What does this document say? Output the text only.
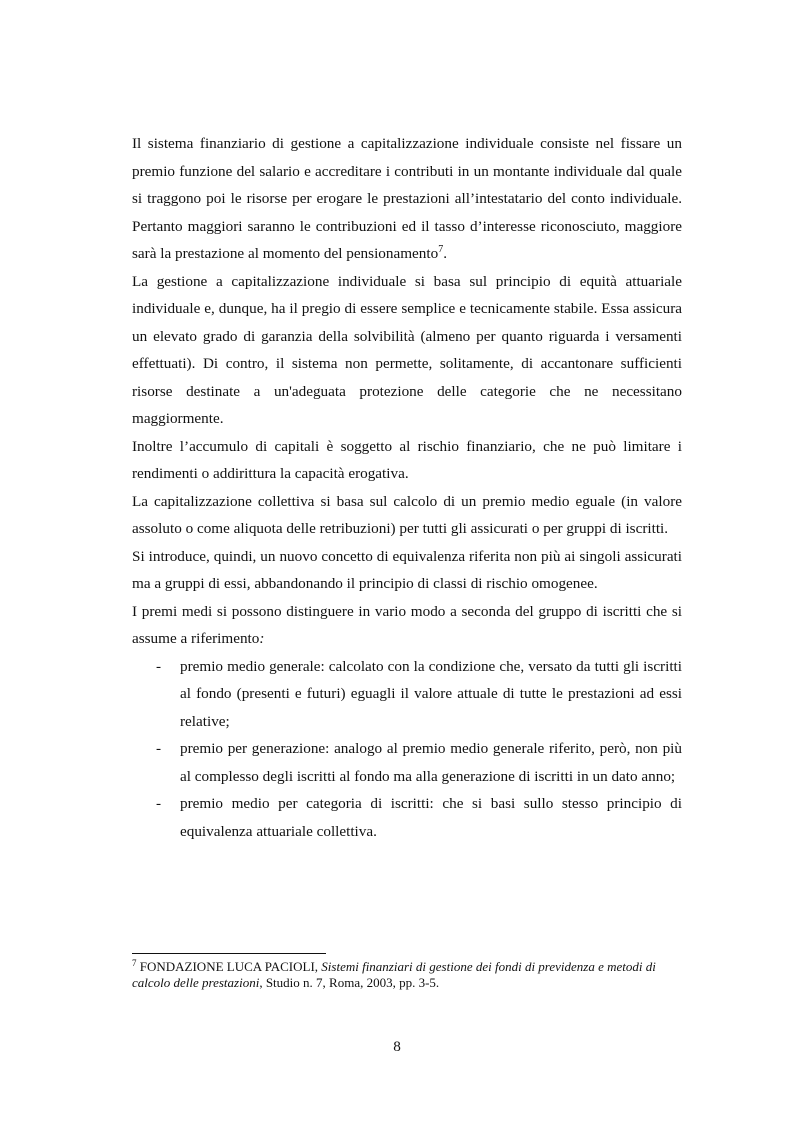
Il sistema finanziario di gestione a capitalizzazione individuale consiste nel fissare un premio funzione del salario e accreditare i contributi in un montante individuale dal quale si traggono poi le risorse per erogare le prestazioni all’intestatario del conto individuale. Pertanto maggiori saranno le contribuzioni ed il tasso d’interesse riconosciuto, maggiore sarà la prestazione al momento del pensionamento$^7$.

La gestione a capitalizzazione individuale si basa sul principio di equità attuariale individuale e, dunque, ha il pregio di essere semplice e tecnicamente stabile. Essa assicura un elevato grado di garanzia della solvibilità (almeno per quanto riguarda i versamenti effettuati). Di contro, il sistema non permette, solitamente, di accantonare sufficienti risorse destinate a un'adeguata protezione delle categorie che ne necessitano maggiormente.

Inoltre l’accumulo di capitali è soggetto al rischio finanziario, che ne può limitare i rendimenti o addirittura la capacità erogativa.

La capitalizzazione collettiva si basa sul calcolo di un premio medio eguale (in valore assoluto o come aliquota delle retribuzioni) per tutti gli assicurati o per gruppi di iscritti.

Si introduce, quindi, un nuovo concetto di equivalenza riferita non più ai singoli assicurati ma a gruppi di essi, abbandonando il principio di classi di rischio omogenee.

I premi medi si possono distinguere in vario modo a seconda del gruppo di iscritti che si assume a riferimento:

- premio medio generale: calcolato con la condizione che, versato da tutti gli iscritti al fondo (presenti e futuri) eguagli il valore attuale di tutte le prestazioni ad essi relative;
- premio per generazione: analogo al premio medio generale riferito, però, non più al complesso degli iscritti al fondo ma alla generazione di iscritti in un dato anno;
- premio medio per categoria di iscritti: che si basi sullo stesso principio di equivalenza attuariale collettiva.
$^7$ FONDAZIONE LUCA PACIOLI, Sistemi finanziari di gestione dei fondi di previdenza e metodi di calcolo delle prestazioni, Studio n. 7, Roma, 2003, pp. 3-5.
8
